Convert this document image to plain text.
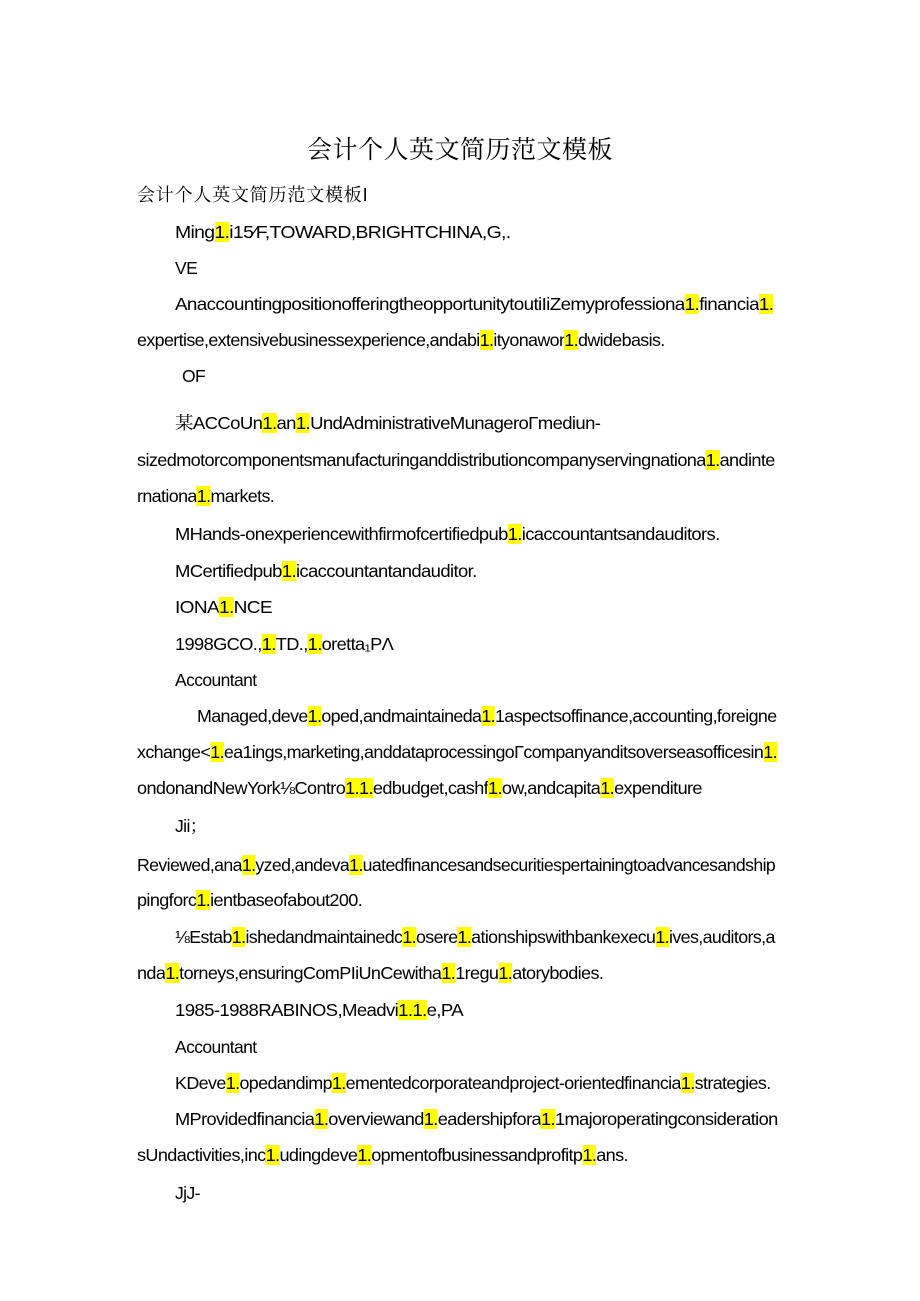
会计个人英文简历范文模板
会计个人英文简历范文模板I
Ming1.i15⁄F,TOWARD,BRIGHTCHINA,G,.
VE
AnaccountingpositionofferingtheopportunitytoutiIiZemyprofessiona1.financia1.
expertise,extensivebusinessexperience,andabi1.ityonawor1.dwidebasis.
OF
某ACCoUn1.an1.UndAdministrativeMunageroΓmediun-
sizedmotorcomponentsmanufacturinganddistributioncompanyservingnationa1.andinte
rnationa1.markets.
MHands-onexperiencewithfirmofcertifiedpub1.icaccountantsandauditors.
MCertifiedpub1.icaccountantandauditor.
IONA1.NCE
1998GCO.,1.TD.,1.oretta₁PΛ
Accountant
Managed,deve1.oped,andmaintaineda1.1aspectsoffinance,accounting,foreigne
xchange<1.ea1ings,marketing,anddataprocessingoΓcompanyanditsoverseasofficesin1.
ondonandNewYork⅛Contro1.1.edbudget,cashf1.ow,andcapita1.expenditure
Jii；
Reviewed,ana1.yzed,andeva1.uatedfinancesandsecuritiespertainingtoadvancesandship
pingforc1.ientbaseofabout200.
⅛Estab1.ishedandmaintainedc1.osere1.ationshipswithbankexecu1.ives,auditors,a
nda1.torneys,ensuringComPIiUnCewitha1.1regu1.atorybodies.
1985-1988RABINOS,Meadvi1.1.e,PA
Accountant
KDeve1.opedandimp1.ementedcorporateandproject-orientedfinancia1.strategies.
MProvidedfinancia1.overviewand1.eadershipfora1.1majoroperatingconsideration
sUndactivities,inc1.udingdeve1.opmentofbusinessandprofitp1.ans.
JjJ-
